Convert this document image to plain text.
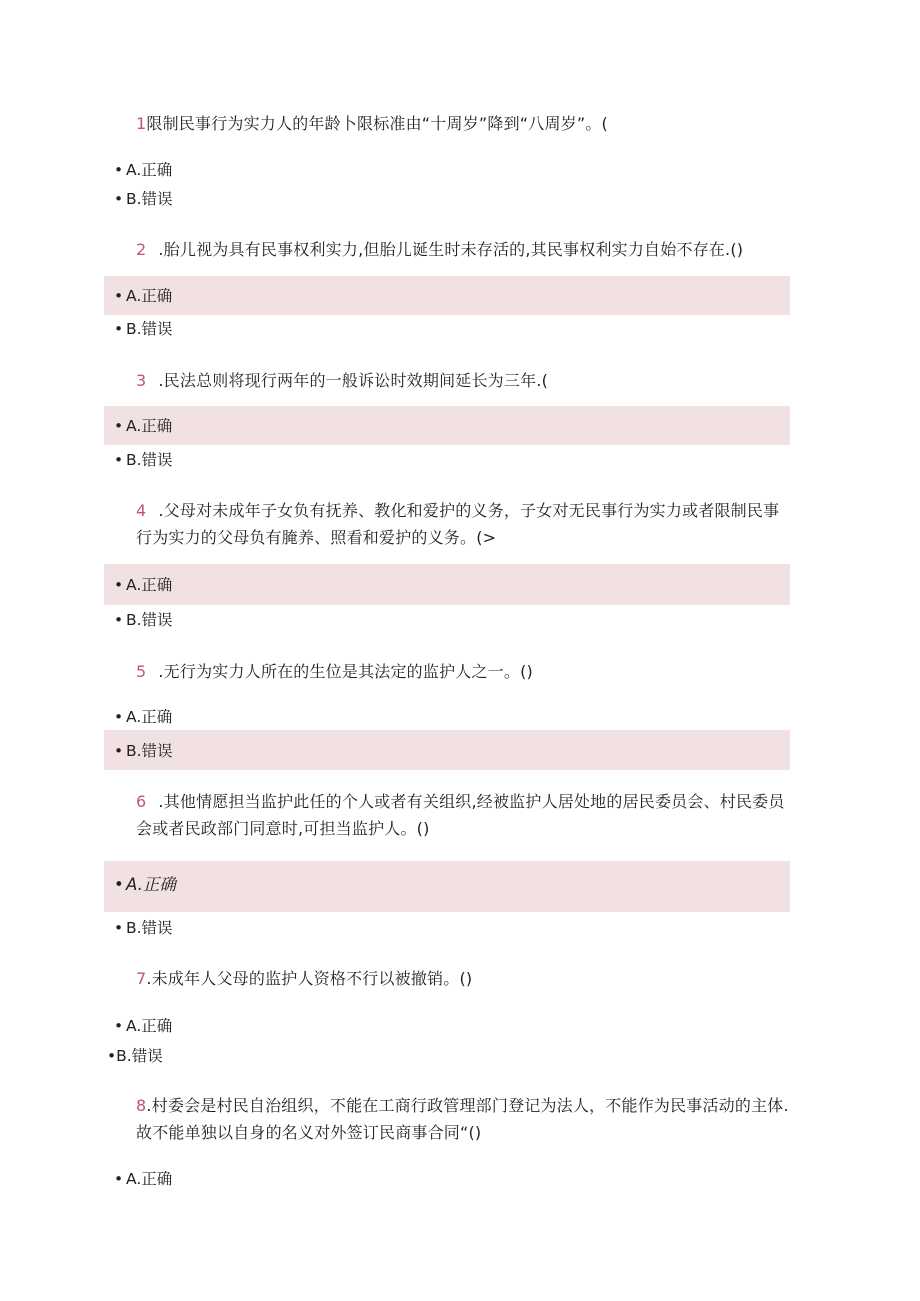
1限制民事行为实力人的年龄卜限标准由“十周岁”降到“八周岁”。(
• A.正确
• B.错误
2 .胎儿视为具有民事权利实力,但胎儿诞生时未存活的,其民事权利实力自始不存在.()
• A.正确
• B.错误
3 .民法总则将现行两年的一般诉讼时效期间延长为三年.(
• A.正确
• B.错误
4 .父母对未成年子女负有抚养、教化和爱护的义务，子女对无民事行为实力或者限制民事行为实力的父母负有腌养、照看和爱护的义务。(>
• A.正确
• B.错误
5 .无行为实力人所在的生位是其法定的监护人之一。()
• A.正确
• B.错误
6 .其他情愿担当监护此任的个人或者有关组织,经被监护人居处地的居民委员会、村民委员会或者民政部门同意时,可担当监护人。()
• A.正确
• B.错误
7.未成年人父母的监护人资格不行以被撤销。()
• A.正确
•B.错误
8.村委会是村民自治组织，不能在工商行政管理部门登记为法人，不能作为民事活动的主体.故不能单独以自身的名义对外签订民商事合同“()
• A.正确
